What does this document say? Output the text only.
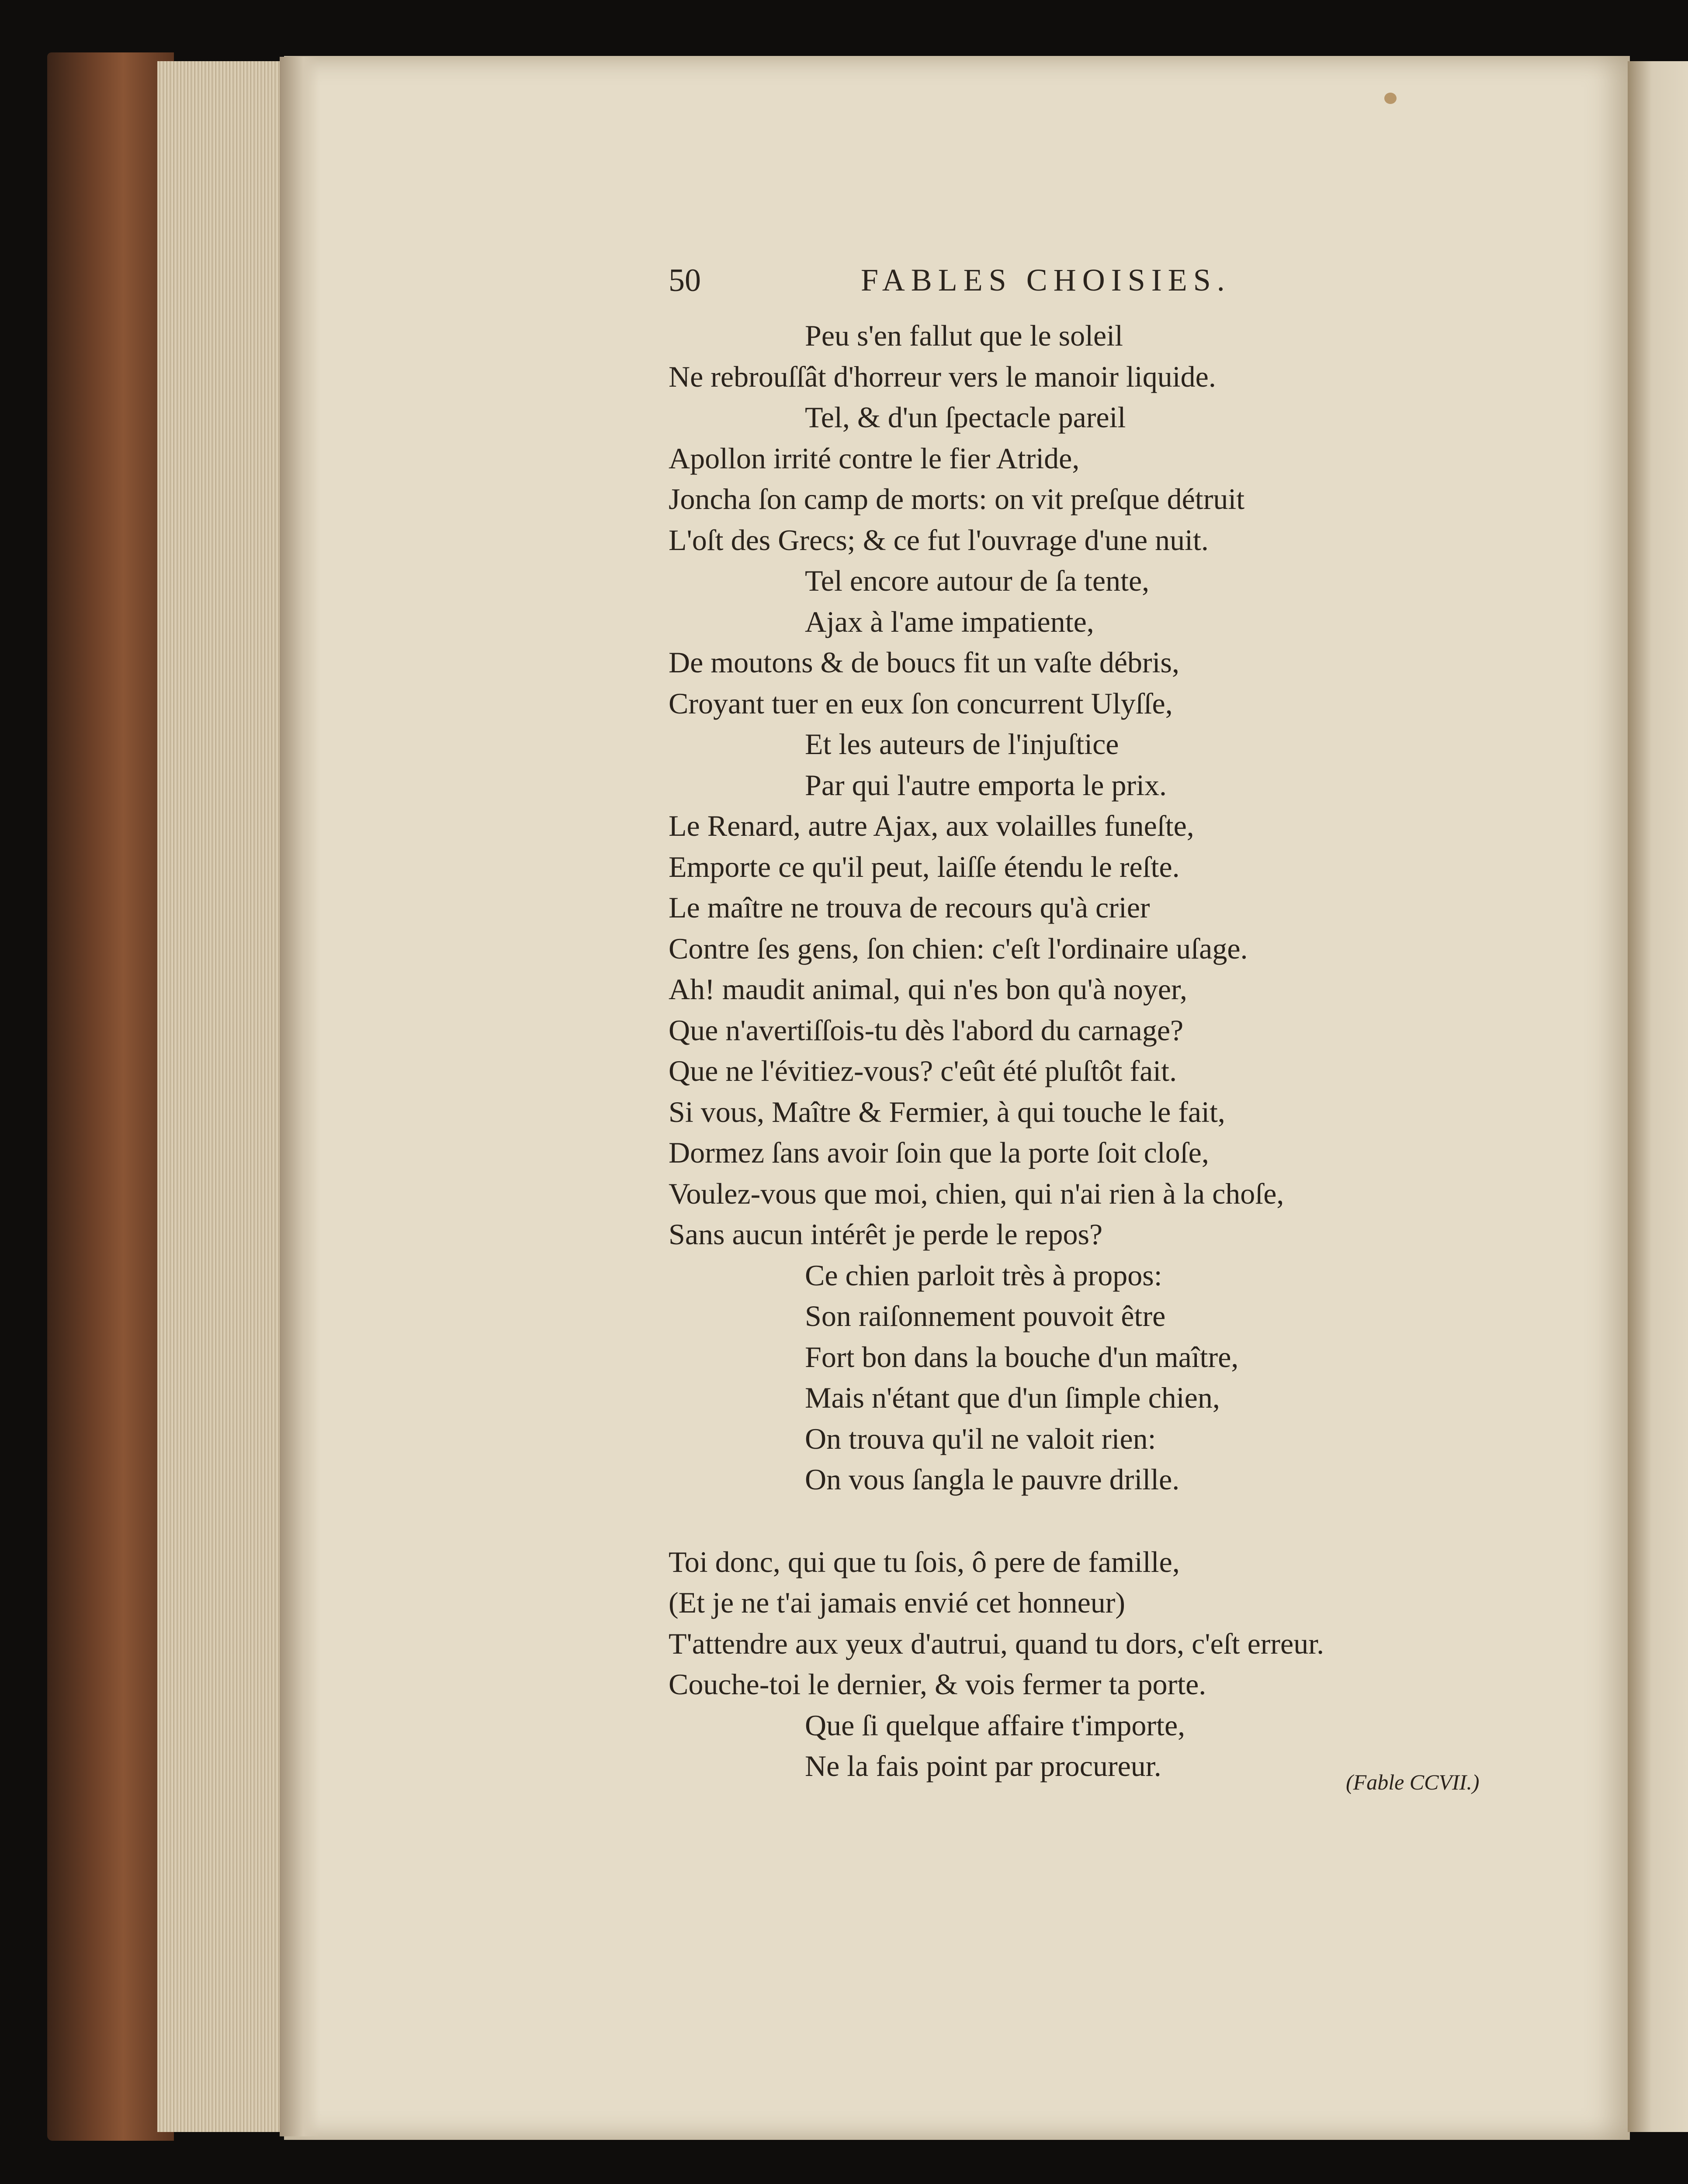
50	FABLES CHOISIES.
Peu s'en fallut que le soleil
Ne rebrouſſât d'horreur vers le manoir liquide.
Tel, & d'un ſpectacle pareil
Apollon irrité contre le fier Atride,
Joncha ſon camp de morts: on vit preſque détruit
L'oſt des Grecs; & ce fut l'ouvrage d'une nuit.
Tel encore autour de ſa tente,
Ajax à l'ame impatiente,
De moutons & de boucs fit un vaſte débris,
Croyant tuer en eux ſon concurrent Ulyſſe,
Et les auteurs de l'injuſtice
Par qui l'autre emporta le prix.
Le Renard, autre Ajax, aux volailles funeſte,
Emporte ce qu'il peut, laiſſe étendu le reſte.
Le maître ne trouva de recours qu'à crier
Contre ſes gens, ſon chien: c'eſt l'ordinaire uſage.
Ah! maudit animal, qui n'es bon qu'à noyer,
Que n'avertiſſois-tu dès l'abord du carnage?
Que ne l'évitiez-vous? c'eût été pluſtôt fait.
Si vous, Maître & Fermier, à qui touche le fait,
Dormez ſans avoir ſoin que la porte ſoit cloſe,
Voulez-vous que moi, chien, qui n'ai rien à la choſe,
Sans aucun intérêt je perde le repos?
Ce chien parloit très à propos:
Son raiſonnement pouvoit être
Fort bon dans la bouche d'un maître,
Mais n'étant que d'un ſimple chien,
On trouva qu'il ne valoit rien:
On vous ſangla le pauvre drille.
Toi donc, qui que tu ſois, ô pere de famille,
(Et je ne t'ai jamais envié cet honneur)
T'attendre aux yeux d'autrui, quand tu dors, c'eſt erreur.
Couche-toi le dernier, & vois fermer ta porte.
Que ſi quelque affaire t'importe,
Ne la fais point par procureur.	(Fable CCVII.)
